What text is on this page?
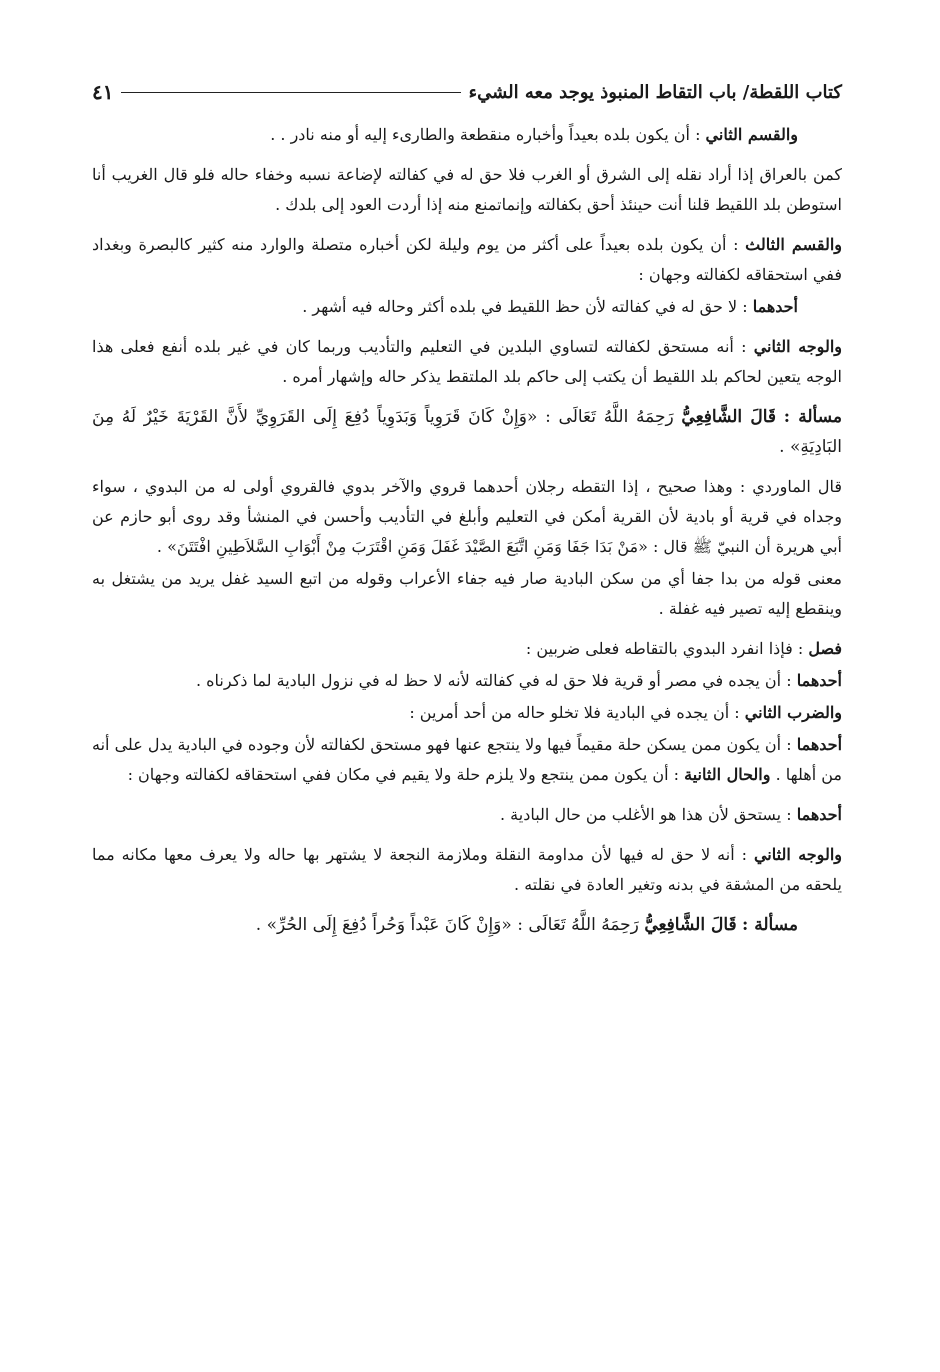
كتاب اللقطة/ باب التقاط المنبوذ يوجد معه الشيء
٤١

والقسم الثاني : أن يكون بلده بعيداً وأخباره منقطعة والطارىء إليه أو منه نادر . .

كمن بالعراق إذا أراد نقله إلى الشرق أو الغرب فلا حق له في كفالته لإضاعة نسبه وخفاء حاله فلو قال الغريب أنا استوطن بلد اللقيط قلنا أنت حينئذ أحق بكفالته وإنماتمنع منه إذا أردت العود إلى بلدك .

والقسم الثالث : أن يكون بلده بعيداً على أكثر من يوم وليلة لكن أخباره متصلة والوارد منه كثير كالبصرة وبغداد ففي استحقاقه لكفالته وجهان :

أحدهما : لا حق له في كفالته لأن حظ اللقيط في بلده أكثر وحاله فيه أشهر .

والوجه الثاني : أنه مستحق لكفالته لتساوي البلدين في التعليم والتأديب وربما كان في غير بلده أنفع فعلى هذا الوجه يتعين لحاكم بلد اللقيط أن يكتب إلى حاكم بلد الملتقط يذكر حاله وإشهار أمره .

مسألة : قَالَ الشَّافِعِيُّ رَحِمَهُ اللَّهُ تَعَالَى : «وَإِنْ كَانَ قَرَوِياً وَبَدَوِياً دُفِعَ إِلَى القَرَوِيِّ لأَنَّ القَرْيَةَ خَيْرٌ لَهُ مِنَ البَادِيَةِ» .

قال الماوردي : وهذا صحيح ، إذا التقطه رجلان أحدهما قروي والآخر بدوي فالقروي أولى له من البدوي ، سواء وجداه في قرية أو بادية لأن القرية أمكن في التعليم وأبلغ في التأديب وأحسن في المنشأ وقد روى أبو حازم عن أبي هريرة أن النبيّ ﷺ قال : «مَنْ بَدَا جَفَا وَمَنِ اتَّبَعَ الصَّيْدَ غَفَلَ وَمَنِ اقْتَرَبَ مِنْ أَبْوَابِ السَّلاَطِينِ افْتَتَنَ» .

معنى قوله من بدا جفا أي من سكن البادية صار فيه جفاء الأعراب وقوله من اتبع السيد غفل يريد من يشتغل به وينقطع إليه تصير فيه غفلة .

فصل : فإذا انفرد البدوي بالتقاطه فعلى ضربين :

أحدهما : أن يجده في مصر أو قرية فلا حق له في كفالته لأنه لا حظ له في نزول البادية لما ذكرناه .

والضرب الثاني : أن يجده في البادية فلا تخلو حاله من أحد أمرين :

أحدهما : أن يكون ممن يسكن حلة مقيماً فيها ولا ينتجع عنها فهو مستحق لكفالته لأن وجوده في البادية يدل على أنه من أهلها . والحال الثانية : أن يكون ممن ينتجع ولا يلزم حلة ولا يقيم في مكان ففي استحقاقه لكفالته وجهان :

أحدهما : يستحق لأن هذا هو الأغلب من حال البادية .

والوجه الثاني : أنه لا حق له فيها لأن مداومة النقلة وملازمة النجعة لا يشتهر بها حاله ولا يعرف معها مكانه مما يلحقه من المشقة في بدنه وتغير العادة في نقلته .

مسألة : قَالَ الشَّافِعِيُّ رَحِمَهُ اللَّهُ تَعَالَى : «وَإِنْ كَانَ عَبْداً وَحُراً دُفِعَ إِلَى الحُرِّ» .
